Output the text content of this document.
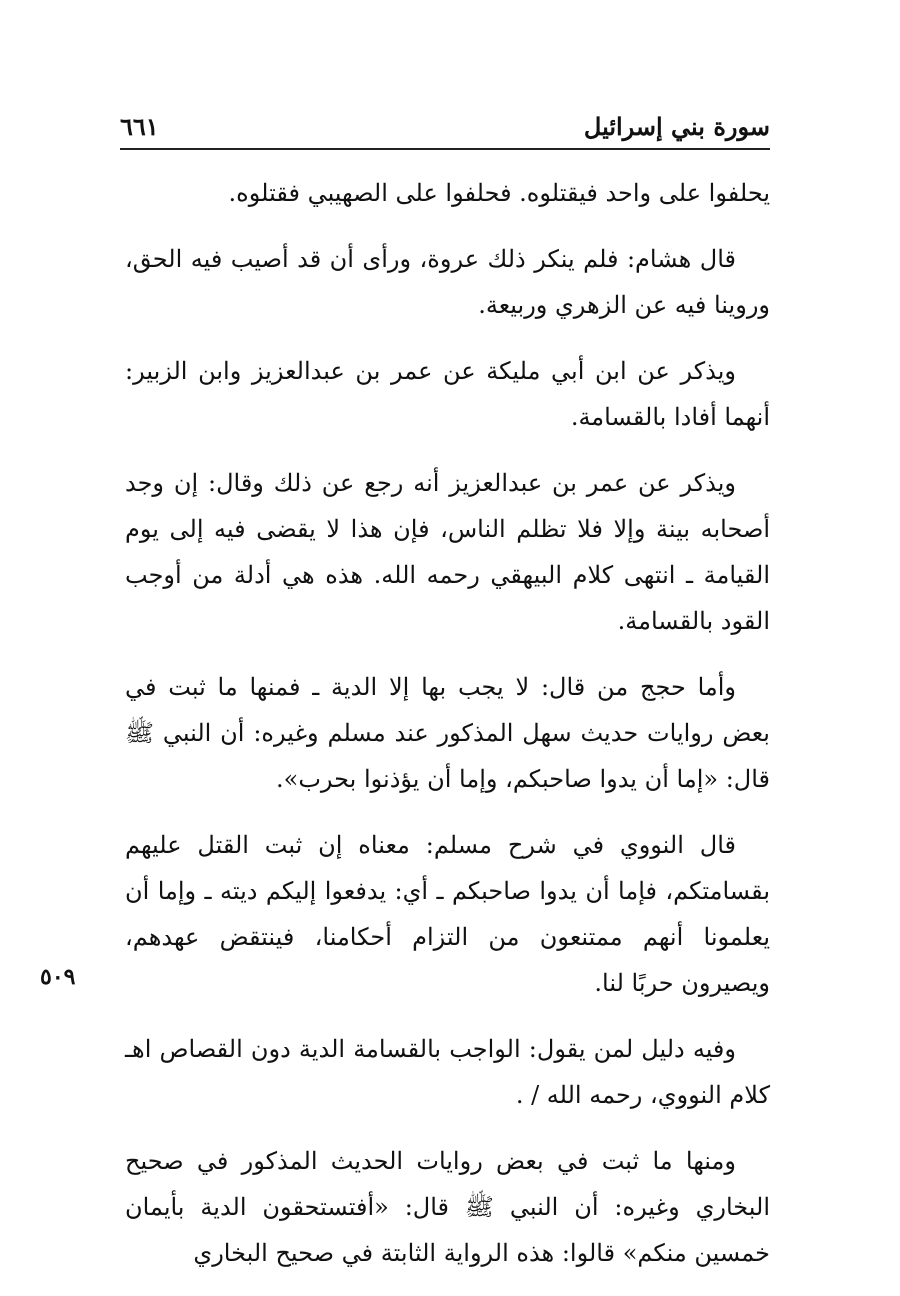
سورة بني إسرائيل
٦٦١
٥٠٩

يحلفوا على واحد فيقتلوه. فحلفوا على الصهيبي فقتلوه.

قال هشام: فلم ينكر ذلك عروة، ورأى أن قد أصيب فيه الحق، وروينا فيه عن الزهري وربيعة.

ويذكر عن ابن أبي مليكة عن عمر بن عبدالعزيز وابن الزبير: أنهما أفادا بالقسامة.

ويذكر عن عمر بن عبدالعزيز أنه رجع عن ذلك وقال: إن وجد أصحابه بينة وإلا فلا تظلم الناس، فإن هذا لا يقضى فيه إلى يوم القيامة ـ انتهى كلام البيهقي رحمه الله. هذه هي أدلة من أوجب القود بالقسامة.

وأما حجج من قال: لا يجب بها إلا الدية ـ فمنها ما ثبت في بعض روايات حديث سهل المذكور عند مسلم وغيره: أن النبي ﷺ قال: «إما أن يدوا صاحبكم، وإما أن يؤذنوا بحرب».

قال النووي في شرح مسلم: معناه إن ثبت القتل عليهم بقسامتكم، فإما أن يدوا صاحبكم ـ أي: يدفعوا إليكم ديته ـ وإما أن يعلمونا أنهم ممتنعون من التزام أحكامنا، فينتقض عهدهم، ويصيرون حربًا لنا.

وفيه دليل لمن يقول: الواجب بالقسامة الدية دون القصاص اهـ كلام النووي، رحمه الله / .

ومنها ما ثبت في بعض روايات الحديث المذكور في صحيح البخاري وغيره: أن النبي ﷺ قال: «أفتستحقون الدية بأيمان خمسين منكم» قالوا: هذه الرواية الثابتة في صحيح البخاري
